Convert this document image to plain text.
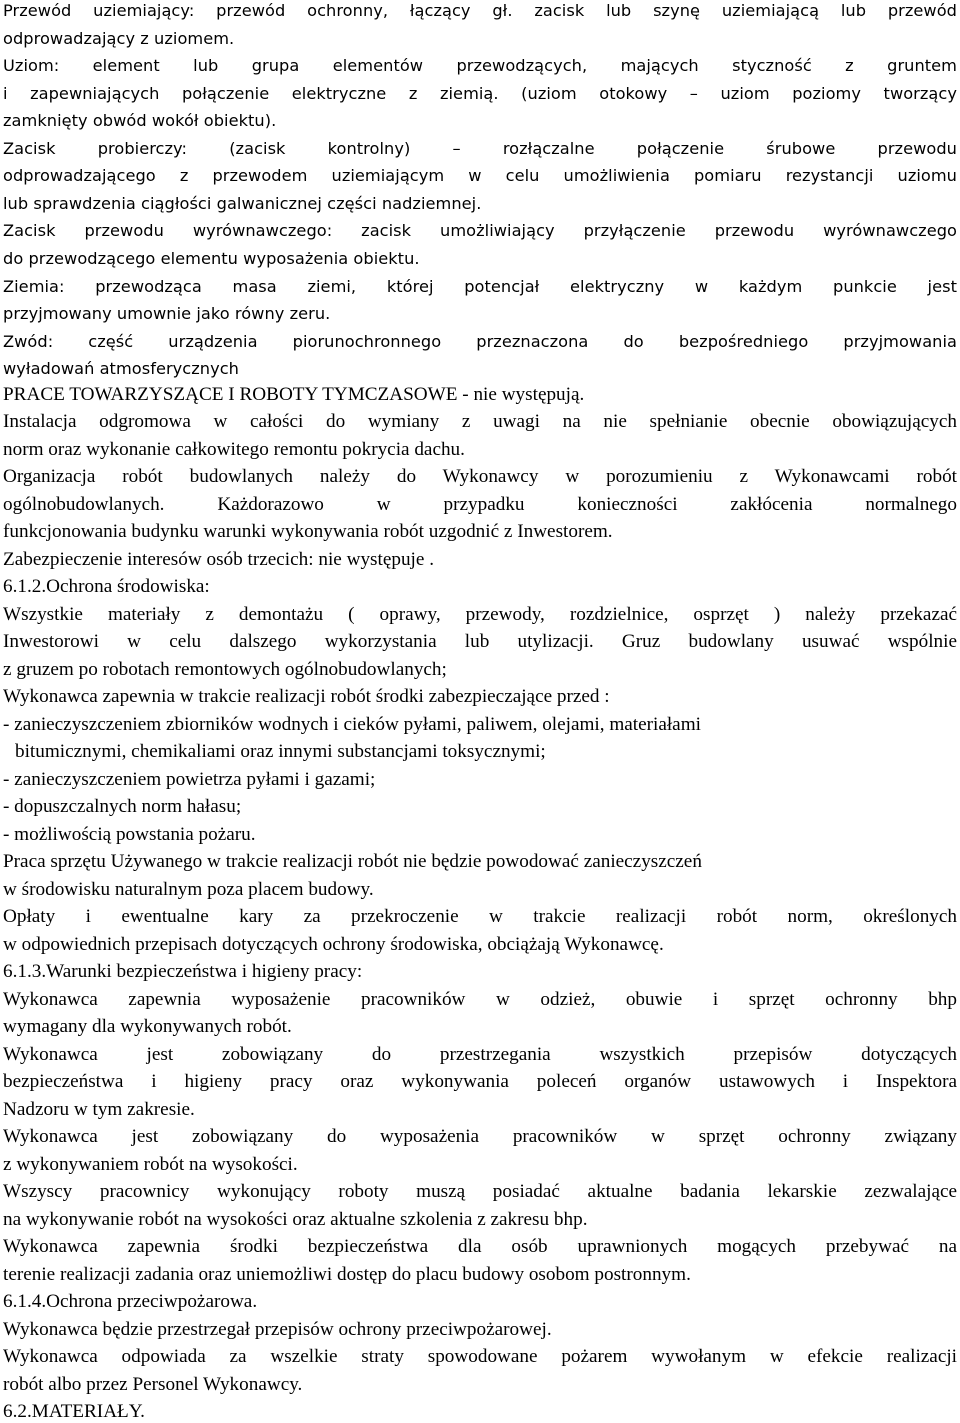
Przewód uziemiający: przewód ochronny, łączący gł. zacisk lub szynę uziemiającą lub przewód
odprowadzający z uziomem.
Uziom: element lub grupa elementów przewodzących, mających styczność z gruntem
i zapewniających połączenie elektryczne z ziemią. (uziom otokowy – uziom poziomy tworzący
zamknięty obwód wokół obiektu).
Zacisk probierczy: (zacisk kontrolny) – rozłączalne połączenie śrubowe przewodu
odprowadzającego z przewodem uziemiającym w celu umożliwienia pomiaru rezystancji uziomu
lub sprawdzenia ciągłości galwanicznej części nadziemnej.
Zacisk przewodu wyrównawczego: zacisk umożliwiający przyłączenie przewodu wyrównawczego
do przewodzącego elementu wyposażenia obiektu.
Ziemia: przewodząca masa ziemi, której potencjał elektryczny w każdym punkcie jest
przyjmowany umownie jako równy zeru.
Zwód: część urządzenia piorunochronnego przeznaczona do bezpośredniego przyjmowania
wyładowań atmosferycznych
PRACE TOWARZYSZĄCE I ROBOTY TYMCZASOWE - nie występują.
Instalacja odgromowa w całości do wymiany z uwagi na nie spełnianie obecnie obowiązujących
norm oraz wykonanie całkowitego remontu pokrycia dachu.
Organizacja robót budowlanych należy do Wykonawcy w porozumieniu z Wykonawcami robót
ogólnobudowlanych. Każdorazowo w przypadku konieczności zakłócenia normalnego
funkcjonowania budynku warunki wykonywania robót uzgodnić z Inwestorem.
Zabezpieczenie interesów osób trzecich: nie występuje .
6.1.2.Ochrona środowiska:
Wszystkie materiały z demontażu ( oprawy, przewody, rozdzielnice, osprzęt ) należy przekazać
Inwestorowi w celu dalszego wykorzystania lub utylizacji. Gruz budowlany usuwać wspólnie
z gruzem po robotach remontowych ogólnobudowlanych;
Wykonawca zapewnia w trakcie realizacji robót środki zabezpieczające przed :
- zanieczyszczeniem zbiorników wodnych i cieków pyłami, paliwem, olejami, materiałami
bitumicznymi, chemikaliami oraz innymi substancjami toksycznymi;
- zanieczyszczeniem powietrza pyłami i gazami;
- dopuszczalnych norm hałasu;
- możliwością powstania pożaru.
Praca sprzętu Używanego w trakcie realizacji robót nie będzie powodować zanieczyszczeń
w środowisku naturalnym poza placem budowy.
Opłaty i ewentualne kary za przekroczenie w trakcie realizacji robót norm, określonych
w odpowiednich przepisach dotyczących ochrony środowiska, obciążają Wykonawcę.
6.1.3.Warunki bezpieczeństwa i higieny pracy:
Wykonawca zapewnia wyposażenie pracowników w odzież, obuwie i sprzęt ochronny bhp
wymagany dla wykonywanych robót.
Wykonawca jest zobowiązany do przestrzegania wszystkich przepisów dotyczących
bezpieczeństwa i higieny pracy oraz wykonywania poleceń organów ustawowych i Inspektora
Nadzoru w tym zakresie.
Wykonawca jest zobowiązany do wyposażenia pracowników w sprzęt ochronny związany
z wykonywaniem robót na wysokości.
Wszyscy pracownicy wykonujący roboty muszą posiadać aktualne badania lekarskie zezwalające
na wykonywanie robót na wysokości oraz aktualne szkolenia z zakresu bhp.
Wykonawca zapewnia środki bezpieczeństwa dla osób uprawnionych mogących przebywać na
terenie realizacji zadania oraz uniemożliwi dostęp do placu budowy osobom postronnym.
6.1.4.Ochrona przeciwpożarowa.
Wykonawca będzie przestrzegał przepisów ochrony przeciwpożarowej.
Wykonawca odpowiada za wszelkie straty spowodowane pożarem wywołanym w efekcie realizacji
robót albo przez Personel Wykonawcy.
6.2.MATERIAŁY.
